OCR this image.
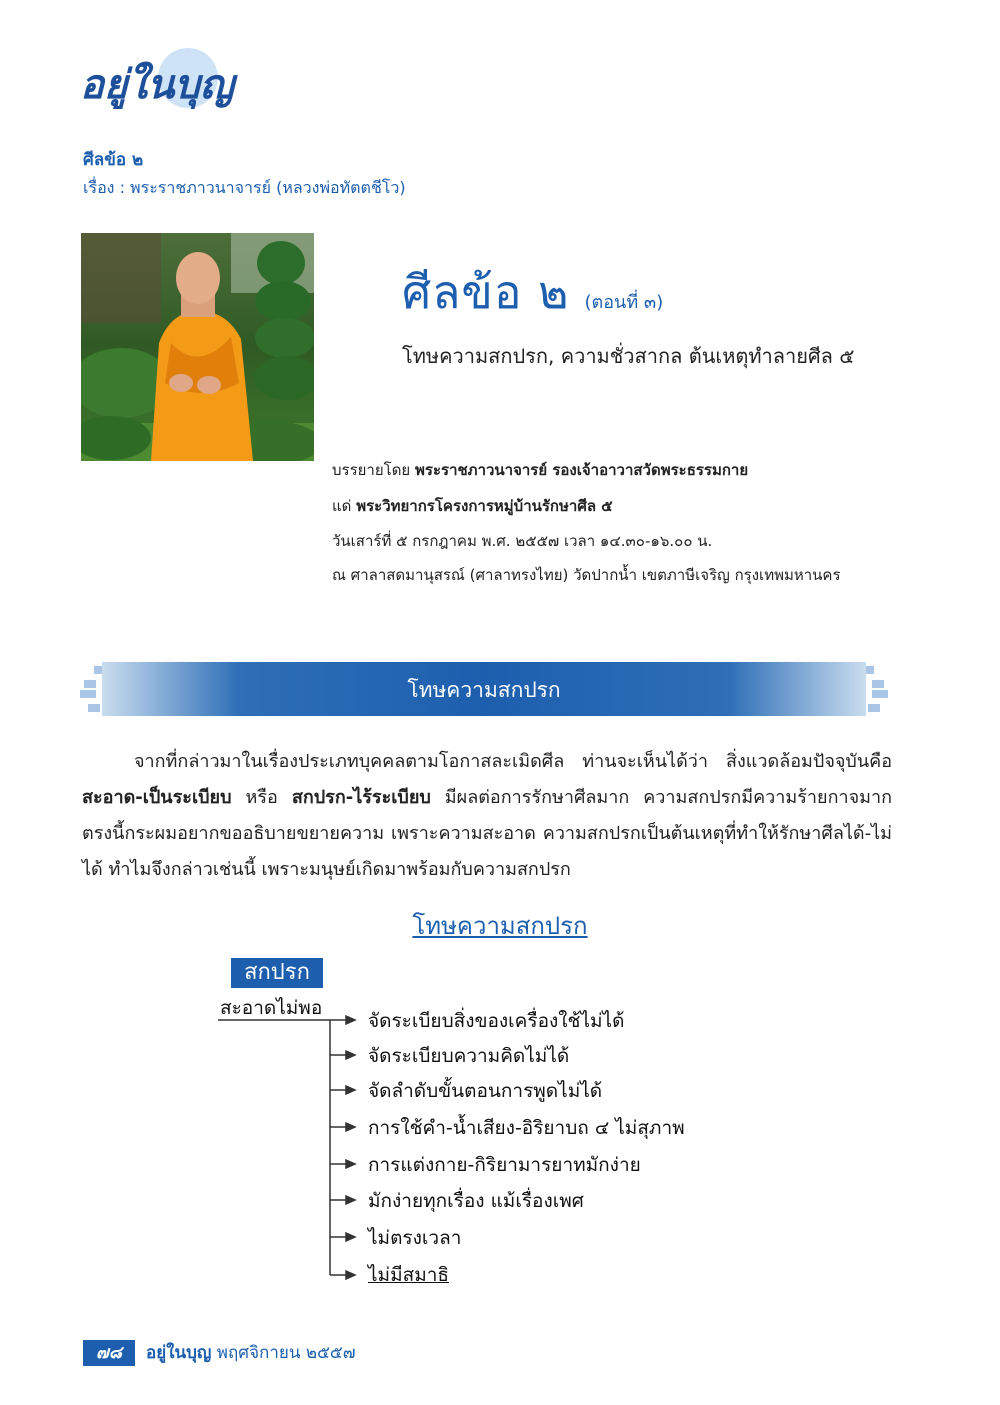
อยู่ในบุญ
ศีลข้อ ๒
เรื่อง : พระราชภาวนาจารย์ (หลวงพ่อทัตตชีโว)
ศีลข้อ ๒ (ตอนที่ ๓)
โทษความสกปรก, ความชั่วสากล ต้นเหตุทำลายศีล ๕
บรรยายโดย พระราชภาวนาจารย์ รองเจ้าอาวาสวัดพระธรรมกาย
แด่ พระวิทยากรโครงการหมู่บ้านรักษาศีล ๕
วันเสาร์ที่ ๕ กรกฎาคม พ.ศ. ๒๕๕๗ เวลา ๑๔.๓๐-๑๖.๐๐ น.
ณ ศาลาสดมานุสรณ์ (ศาลาทรงไทย) วัดปากน้ำ เขตภาษีเจริญ กรุงเทพมหานคร
โทษความสกปรก
จากที่กล่าวมาในเรื่องประเภทบุคคลตามโอกาสละเมิดศีล ท่านจะเห็นได้ว่า สิ่งแวดล้อมปัจจุบันคือ สะอาด-เป็นระเบียบ หรือ สกปรก-ไร้ระเบียบ มีผลต่อการรักษาศีลมาก ความสกปรกมีความร้ายกาจมาก ตรงนี้กระผมอยากขออธิบายขยายความ เพราะความสะอาด ความสกปรกเป็นต้นเหตุที่ทำให้รักษาศีลได้-ไม่ได้ ทำไมจึงกล่าวเช่นนี้ เพราะมนุษย์เกิดมาพร้อมกับความสกปรก
โทษความสกปรก
สกปรก
สะอาดไม่พอ
จัดระเบียบสิ่งของเครื่องใช้ไม่ได้
จัดระเบียบความคิดไม่ได้
จัดลำดับขั้นตอนการพูดไม่ได้
การใช้คำ-น้ำเสียง-อิริยาบถ ๔ ไม่สุภาพ
การแต่งกาย-กิริยามารยาทมักง่าย
มักง่ายทุกเรื่อง แม้เรื่องเพศ
ไม่ตรงเวลา
ไม่มีสมาธิ
๗๘	อยู่ในบุญ พฤศจิกายน ๒๕๕๗
